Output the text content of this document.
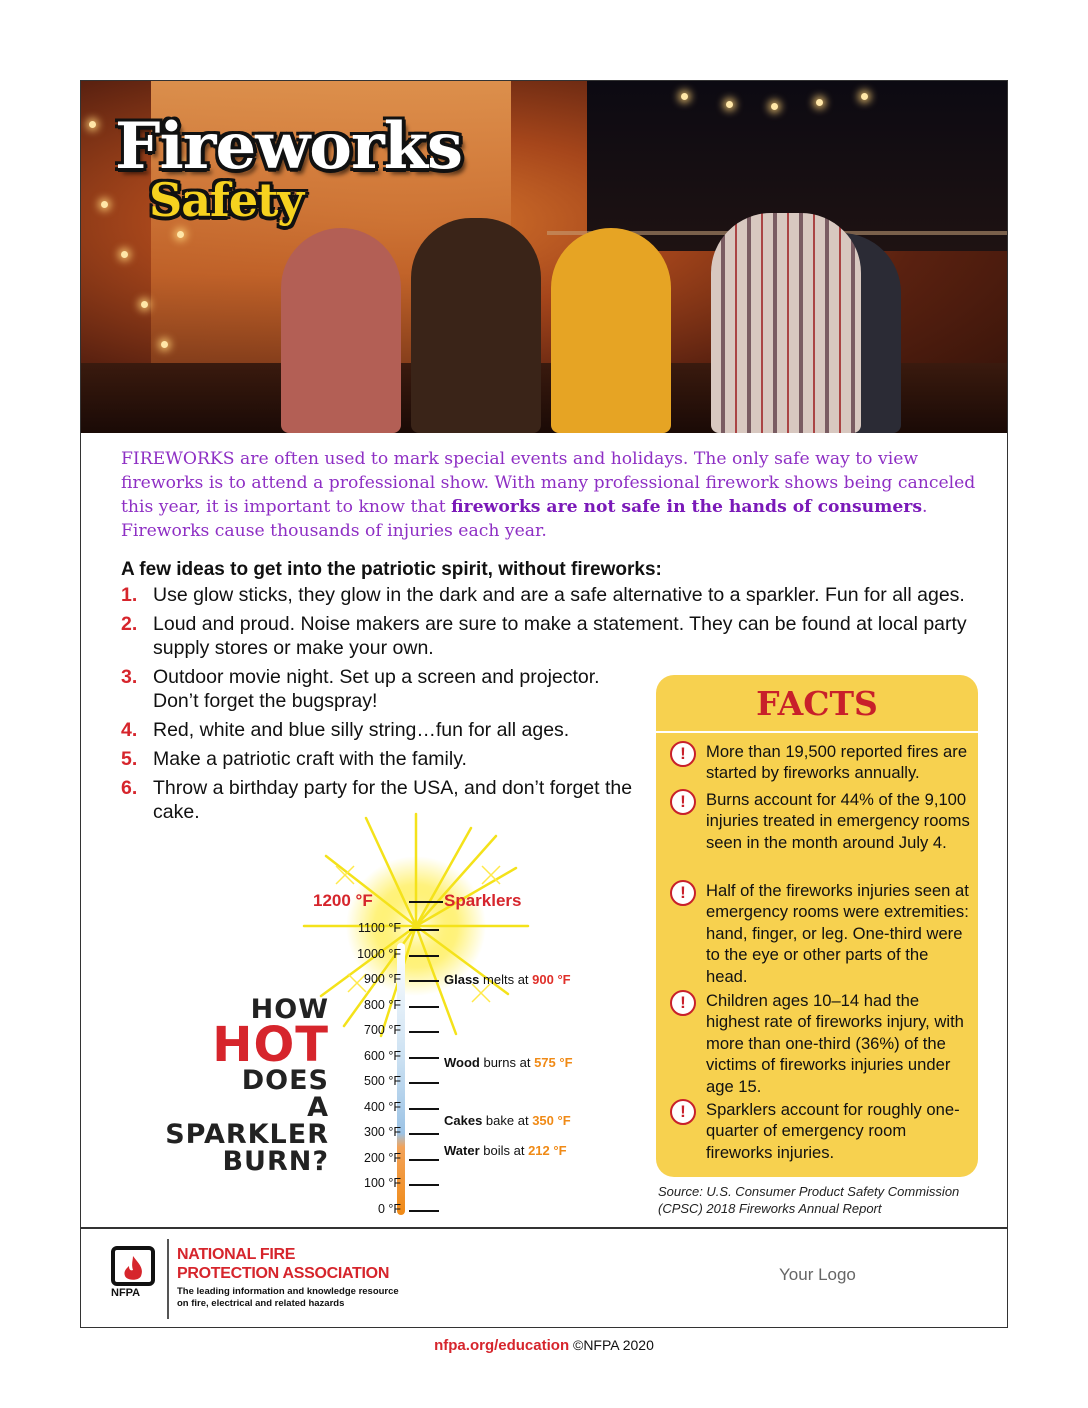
Fireworks
Safety

FIREWORKS are often used to mark special events and holidays. The only safe way to view fireworks is to attend a professional show. With many professional firework shows being canceled this year, it is important to know that fireworks are not safe in the hands of consumers. Fireworks cause thousands of injuries each year.

A few ideas to get into the patriotic spirit, without fireworks:
1. Use glow sticks, they glow in the dark and are a safe alternative to a sparkler. Fun for all ages.
2. Loud and proud. Noise makers are sure to make a statement. They can be found at local party supply stores or make your own.
3. Outdoor movie night. Set up a screen and projector. Don’t forget the bugspray!
4. Red, white and blue silly string…fun for all ages.
5. Make a patriotic craft with the family.
6. Throw a birthday party for the USA, and don’t forget the cake.
1200 °F	Sparklers
1100 °F
1000 °F
900 °F
800 °F
700 °F
600 °F
500 °F
400 °F
300 °F
200 °F
100 °F
0 °F
Glass melts at 900 °F
Wood burns at 575 °F
Cakes bake at 350 °F
Water boils at 212 °F
HOW
HOT
DOES
A
SPARKLER
BURN?
FACTS
!	More than 19,500 reported fires are started by fireworks annually.
!	Burns account for 44% of the 9,100 injuries treated in emergency rooms seen in the month around July 4.
!	Half of the fireworks injuries seen at emergency rooms were extremities: hand, finger, or leg. One-third were to the eye or other parts of the head.
!	Children ages 10–14 had the highest rate of fireworks injury, with more than one-third (36%) of the victims of fireworks injuries under age 15.
!	Sparklers account for roughly one-quarter of emergency room fireworks injuries.
Source: U.S. Consumer Product Safety Commission (CPSC) 2018 Fireworks Annual Report
NFPA
NATIONAL FIRE
PROTECTION ASSOCIATION
The leading information and knowledge resource on fire, electrical and related hazards
Your Logo
nfpa.org/education ©NFPA 2020
